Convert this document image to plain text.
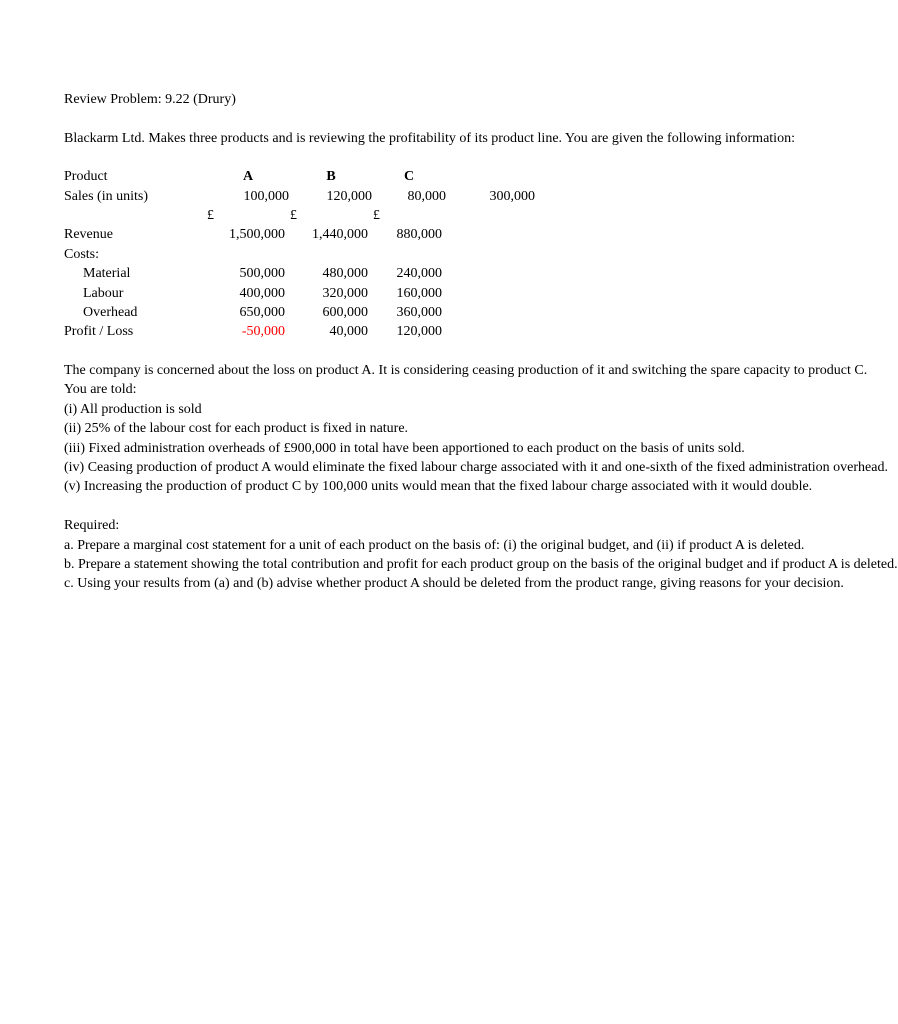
Review Problem: 9.22 (Drury)
Blackarm Ltd. Makes three products and is reviewing the profitability of its product line. You are given the following information:
Product	A	B	C
Sales (in units)	100,000	120,000	80,000	300,000
£	£	£
Revenue	1,500,000	1,440,000	880,000
Costs:
Material	500,000	480,000	240,000
Labour	400,000	320,000	160,000
Overhead	650,000	600,000	360,000
Profit / Loss	-50,000	40,000	120,000
The company is concerned about the loss on product A. It is considering ceasing production of it and switching the spare capacity to product C.
You are told:
(i) All production is sold
(ii) 25% of the labour cost for each product is fixed in nature.
(iii) Fixed administration overheads of £900,000 in total have been apportioned to each product on the basis of units sold.
(iv) Ceasing production of product A would eliminate the fixed labour charge associated with it and one-sixth of the fixed administration overhead.
(v) Increasing the production of product C by 100,000 units would mean that the fixed labour charge associated with it would double.
Required:
a. Prepare a marginal cost statement for a unit of each product on the basis of: (i) the original budget, and (ii) if product A is deleted.
b. Prepare a statement showing the total contribution and profit for each product group on the basis of the original budget and if product A is deleted.
c. Using your results from (a) and (b) advise whether product A should be deleted from the product range, giving reasons for your decision.
